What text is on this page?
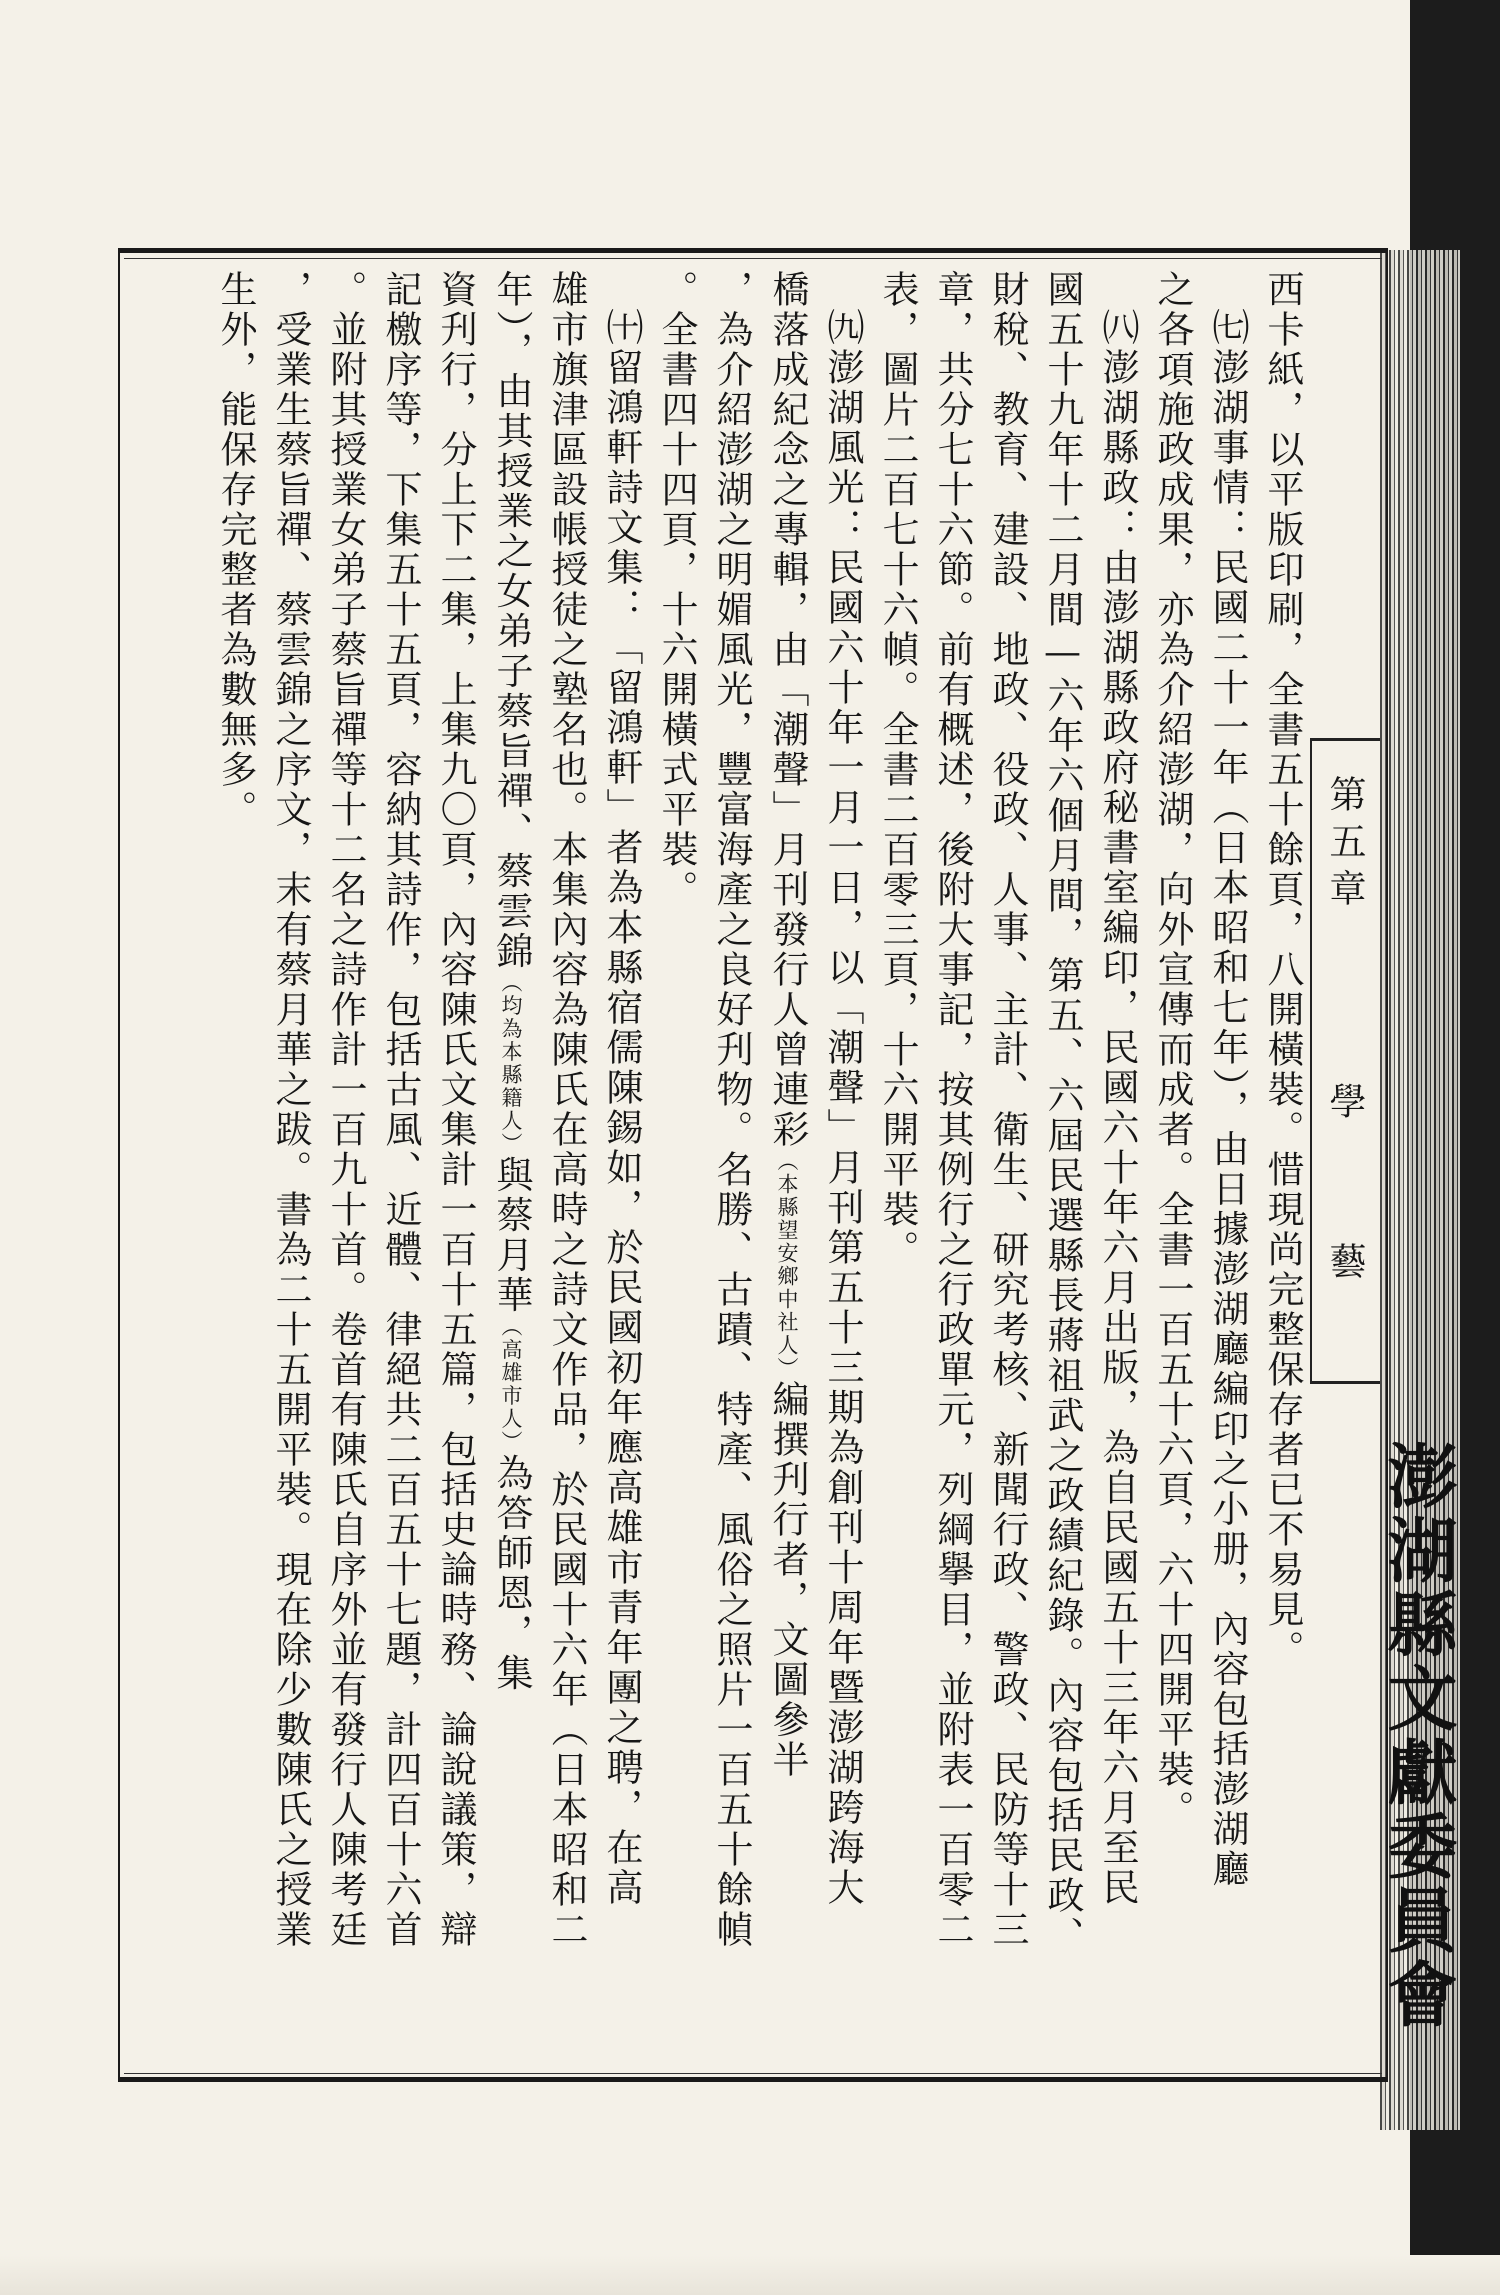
第五章  學 藝
澎湖縣文獻委員會
西卡紙，以平版印刷，全書五十餘頁，八開橫裝。惜現尚完整保存者已不易見。
㈦澎湖事情：民國二十一年（日本昭和七年），由日據澎湖廳編印之小册，內容包括澎湖廳
之各項施政成果，亦為介紹澎湖，向外宣傳而成者。全書一百五十六頁，六十四開平裝。
㈧澎湖縣政：由澎湖縣政府秘書室編印，民國六十年六月出版，為自民國五十三年六月至民
國五十九年十二月間—六年六個月間，第五、六屆民選縣長蔣祖武之政績紀錄。內容包括民政、
財稅、教育、建設、地政、役政、人事、主計、衛生、研究考核、新聞行政、警政、民防等十三
章，共分七十六節。前有概述，後附大事記，按其例行之行政單元，列綱擧目，並附表一百零二
表，圖片二百七十六幀。全書二百零三頁，十六開平裝。
㈨澎湖風光：民國六十年一月一日，以「潮聲」月刊第五十三期為創刊十周年暨澎湖跨海大
橋落成紀念之專輯，由「潮聲」月刊發行人曾連彩（本縣望安鄉中社人）編撰刋行者，文圖參半
，為介紹澎湖之明媚風光，豐富海產之良好刋物。名勝、古蹟、特產、風俗之照片一百五十餘幀
。全書四十四頁，十六開橫式平裝。
㈩留鴻軒詩文集：「留鴻軒」者為本縣宿儒陳錫如，於民國初年應高雄市青年團之聘，在高
雄市旗津區設帳授徒之塾名也。本集內容為陳氏在高時之詩文作品，於民國十六年（日本昭和二
年），由其授業之女弟子蔡旨禪、蔡雲錦（均為本縣籍人）與蔡月華（高雄市人）為答師恩，集
資刋行，分上下二集，上集九〇頁，內容陳氏文集計一百十五篇，包括史論時務、論說議策，辯
記檄序等，下集五十五頁，容納其詩作，包括古風、近體、律絕共二百五十七題，計四百十六首
。並附其授業女弟子蔡旨禪等十二名之詩作計一百九十首。卷首有陳氏自序外並有發行人陳考廷
，受業生蔡旨禪、蔡雲錦之序文，末有蔡月華之跋。書為二十五開平裝。現在除少數陳氏之授業
生外，能保存完整者為數無多。
